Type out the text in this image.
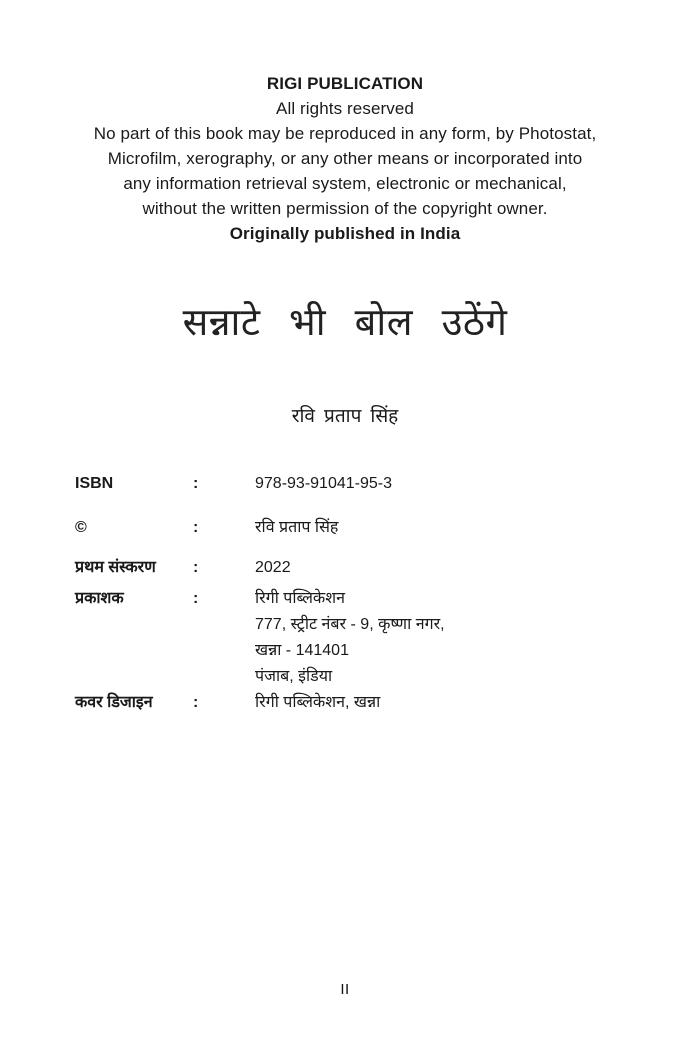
RIGI PUBLICATION
All rights reserved
No part of this book may be reproduced in any form, by Photostat,
Microfilm, xerography, or any other means or incorporated into
any information retrieval system, electronic or mechanical,
without the written permission of the copyright owner.
Originally published in India
सन्नाटे भी बोल उठेंगे
रवि प्रताप सिंह
ISBN	:	978-93-91041-95-3
©	:	रवि प्रताप सिंह
प्रथम संस्करण	:	2022
प्रकाशक	:	रिगी पब्लिकेशन
777, स्ट्रीट नंबर - 9, कृष्णा नगर,
खन्ना - 141401
पंजाब, इंडिया
कवर डिजाइन	:	रिगी पब्लिकेशन, खन्ना
II
